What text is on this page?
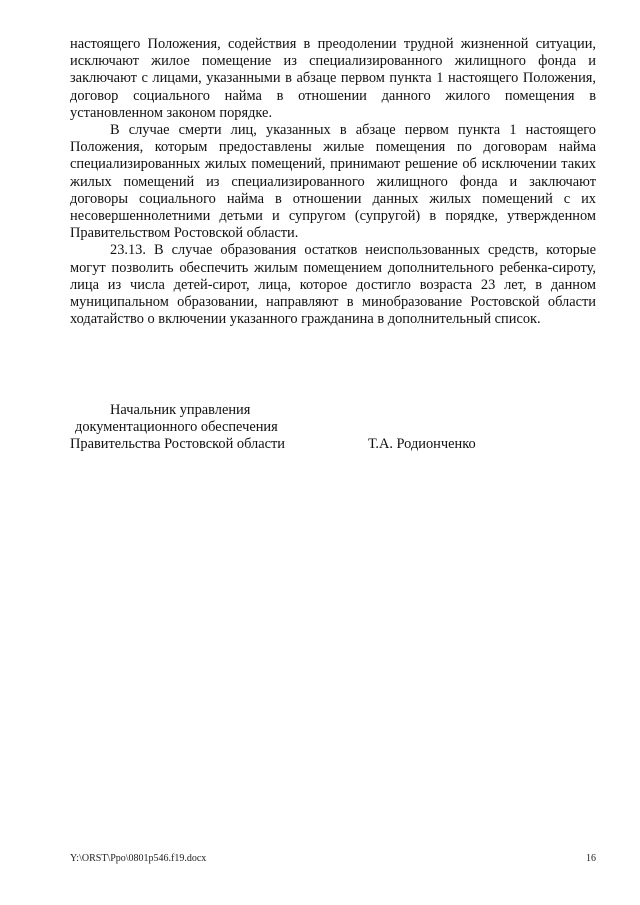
настоящего Положения, содействия в преодолении трудной жизненной ситуации, исключают жилое помещение из специализированного жилищного фонда и заключают с лицами, указанными в абзаце первом пункта 1 настоящего Положения, договор социального найма в отношении данного жилого помещения в установленном законом порядке.

В случае смерти лиц, указанных в абзаце первом пункта 1 настоящего Положения, которым предоставлены жилые помещения по договорам найма специализированных жилых помещений, принимают решение об исключении таких жилых помещений из специализированного жилищного фонда и заключают договоры социального найма в отношении данных жилых помещений с их несовершеннолетними детьми и супругом (супругой) в порядке, утвержденном Правительством Ростовской области.

23.13. В случае образования остатков неиспользованных средств, которые могут позволить обеспечить жилым помещением дополнительного ребенка-сироту, лица из числа детей-сирот, лица, которое достигло возраста 23 лет, в данном муниципальном образовании, направляют в минобразование Ростовской области ходатайство о включении указанного гражданина в дополнительный список.

Начальник управления
документационного обеспечения
Правительства Ростовской области	Т.А. Родионченко
Y:\ORST\Ppo\0801p546.f19.docx	16
